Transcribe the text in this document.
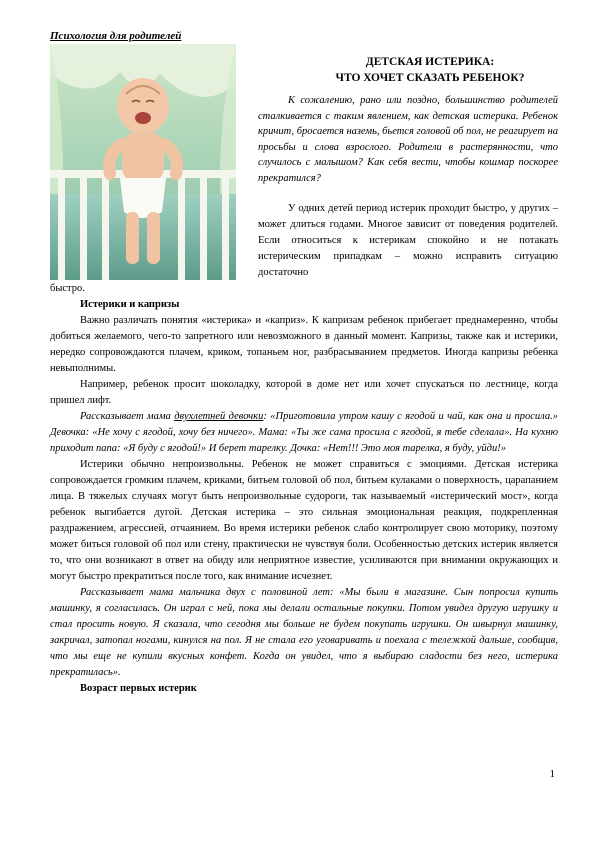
Психология для родителей
ДЕТСКАЯ ИСТЕРИКА:
ЧТО ХОЧЕТ СКАЗАТЬ РЕБЕНОК?

К сожалению, рано или поздно, большинство родителей сталкивается с таким явлением, как детская истерика. Ребенок кричит, бросается наземь, бьется головой об пол, не реагирует на просьбы и слова взрослого. Родители в растерянности, что случилось с малышом? Как себя вести, чтобы кошмар поскорее прекратился?

У одних детей период истерик проходит быстро, у других – может длиться годами. Многое зависит от поведения родителей. Если относиться к истерикам спокойно и не потакать истерическим припадкам – можно исправить ситуацию достаточно

быстро.

Истерики и капризы

Важно различать понятия «истерика» и «каприз». К капризам ребенок прибегает преднамеренно, чтобы добиться желаемого, чего-то запретного или невозможного в данный момент. Капризы, также как и истерики, нередко сопровождаются плачем, криком, топаньем ног, разбрасыванием предметов. Иногда капризы ребенка невыполнимы.

Например, ребенок просит шоколадку, которой в доме нет или хочет спускаться по лестнице, когда пришел лифт.

Рассказывает мама двухлетней девочки: «Приготовила утром кашу с ягодой и чай, как она и просила.» Девочка: «Не хочу с ягодой, хочу без ничего». Мама: «Ты же сама просила с ягодой, я тебе сделала». На кухню приходит папа: «Я буду с ягодой!» И берет тарелку. Дочка: «Нет!!! Это моя тарелка, я буду, уйди!»

Истерики обычно непроизвольны. Ребенок не может справиться с эмоциями. Детская истерика сопровождается громким плачем, криками, битьем головой об пол, битьем кулаками о поверхность, царапанием лица. В тяжелых случаях могут быть непроизвольные судороги, так называемый «истерический мост», когда ребенок выгибается дугой. Детская истерика – это сильная эмоциональная реакция, подкрепленная раздражением, агрессией, отчаянием. Во время истерики ребенок слабо контролирует свою моторику, поэтому может биться головой об пол или стену, практически не чувствуя боли. Особенностью детских истерик является то, что они возникают в ответ на обиду или неприятное известие, усиливаются при внимании окружающих и могут быстро прекратиться после того, как внимание исчезнет.

Рассказывает мама мальчика двух с половиной лет: «Мы были в магазине. Сын попросил купить машинку, я согласилась. Он играл с ней, пока мы делали остальные покупки. Потом увидел другую игрушку и стал просить новую. Я сказала, что сегодня мы больше не будем покупать игрушки. Он швырнул машинку, закричал, затопал ногами, кинулся на пол. Я не стала его уговаривать и поехала с тележкой дальше, сообщив, что мы еще не купили вкусных конфет. Когда он увидел, что я выбираю сладости без него, истерика прекратилась».

Возраст первых истерик

1
